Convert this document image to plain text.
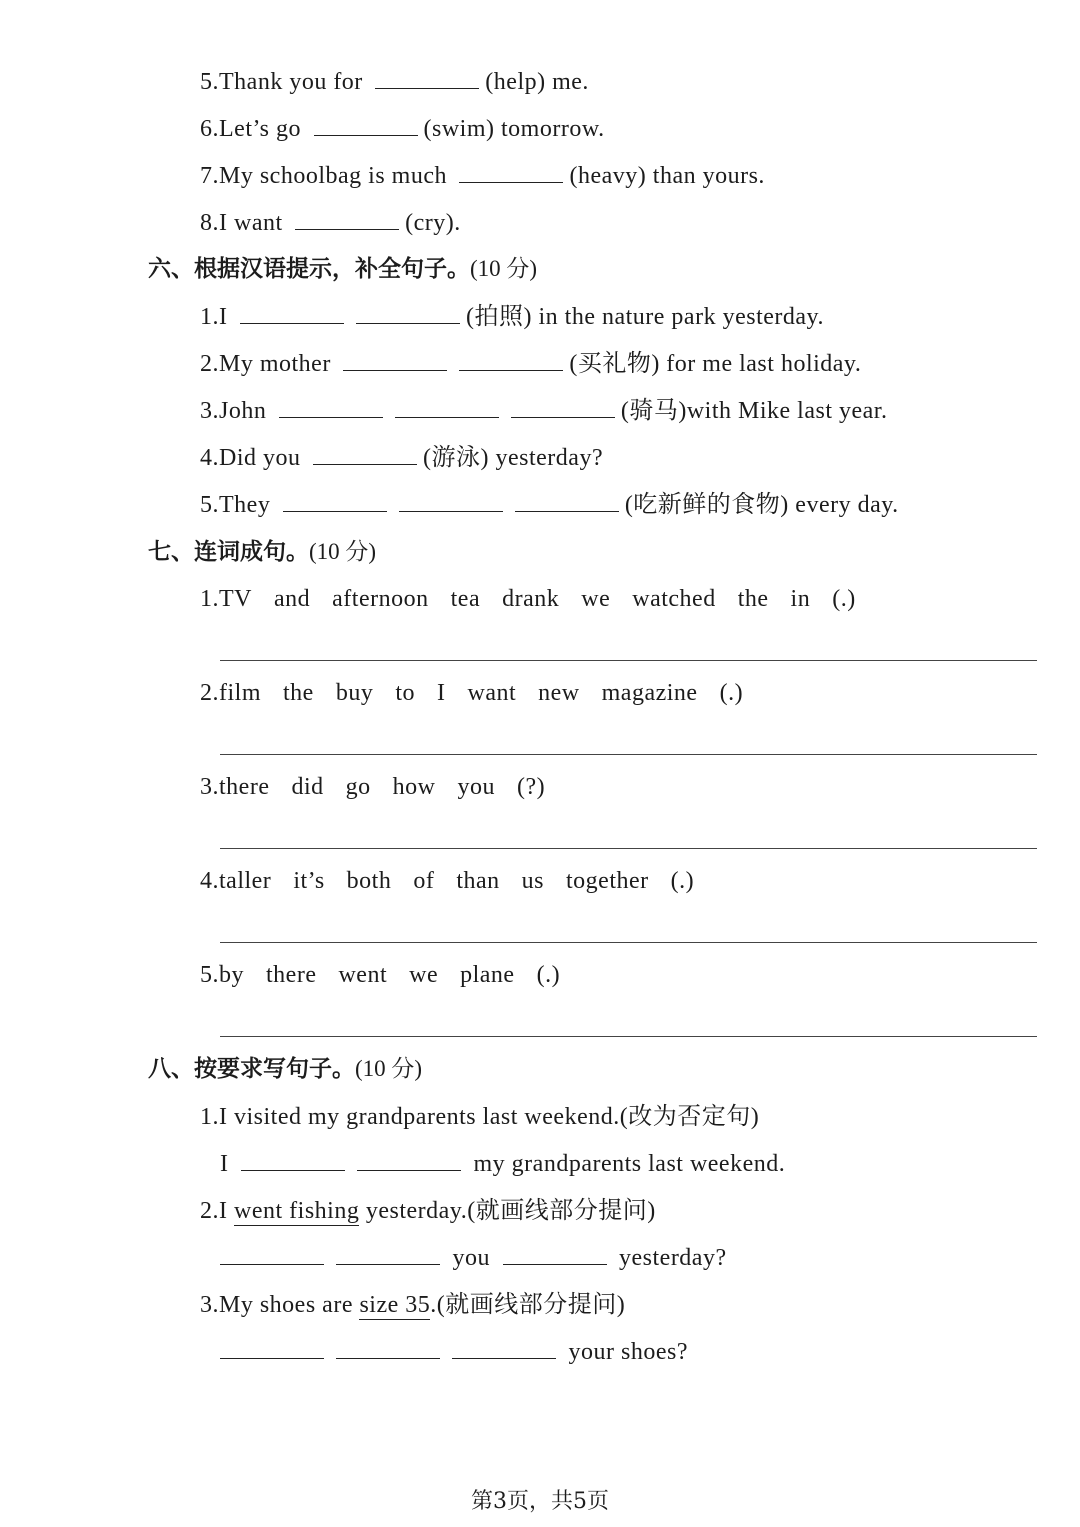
5.Thank you for	(help) me.
6.Let’s go	(swim) tomorrow.
7.My schoolbag is much	(heavy) than yours.
8.I want	(cry).
六、根据汉语提示，补全句子。(10 分)
1.I	(拍照) in the nature park yesterday.
2.My mother	(买礼物) for me last holiday.
3.John	(骑马)with Mike last year.
4.Did you	(游泳) yesterday?
5.They	(吃新鲜的食物) every day.
七、连词成句。(10 分)
1.TV and afternoon tea drank we watched the in (.)
2.film the buy to I want new magazine (.)
3.there did go how you (?)
4.taller it’s both of than us together (.)
5.by there went we plane (.)
八、按要求写句子。(10 分)
1.I visited my grandparents last weekend.(改为否定句)
I	my grandparents last weekend.
2.I went fishing yesterday.(就画线部分提问)
you	yesterday?
3.My shoes are size 35.(就画线部分提问)
your shoes?
第3页，共5页
